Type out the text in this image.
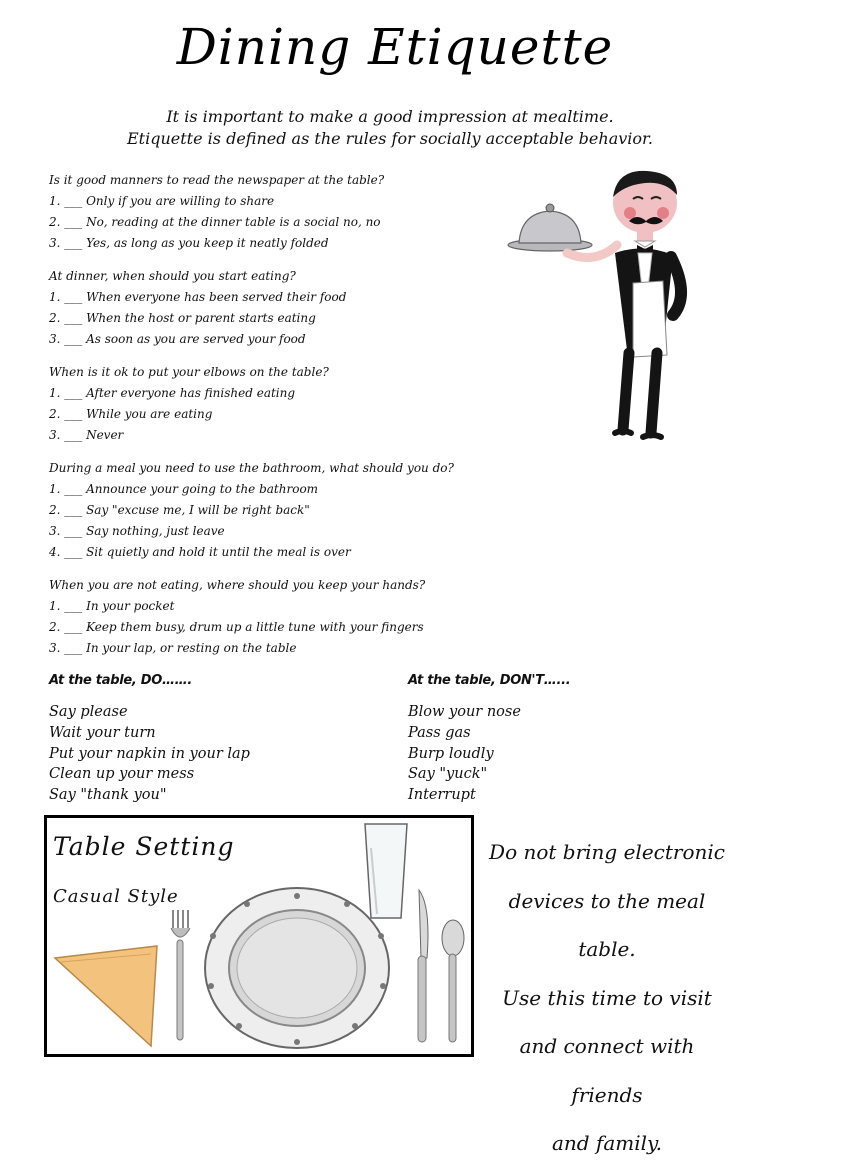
Dining Etiquette
It is important to make a good impression at mealtime.
Etiquette is defined as the rules for socially acceptable behavior.
Is it good manners to read the newspaper at the table?
1. ___ Only if you are willing to share
2. ___ No, reading at the dinner table is a social no, no
3. ___ Yes, as long as you keep it neatly folded
At dinner, when should you start eating?
1. ___ When everyone has been served their food
2. ___ When the host or parent starts eating
3. ___ As soon as you are served your food
When is it ok to put your elbows on the table?
1. ___ After everyone has finished eating
2. ___ While you are eating
3. ___ Never
During a meal you need to use the bathroom, what should you do?
1. ___ Announce your going to the bathroom
2. ___ Say "excuse me, I will be right back"
3. ___ Say nothing, just leave
4. ___ Sit quietly and hold it until the meal is over
When you are not eating, where should you keep your hands?
1. ___ In your pocket
2. ___ Keep them busy, drum up a little tune with your fingers
3. ___ In your lap, or resting on the table
At the table, DO…….
Say please
Wait your turn
Put your napkin in your lap
Clean up your mess
Say "thank you"
At the table, DON'T…...
Blow your nose
Pass gas
Burp loudly
Say "yuck"
Interrupt
Table Setting
Casual Style
Do not bring electronic
devices to the meal table.
Use this time to visit
and connect with friends
and family.
